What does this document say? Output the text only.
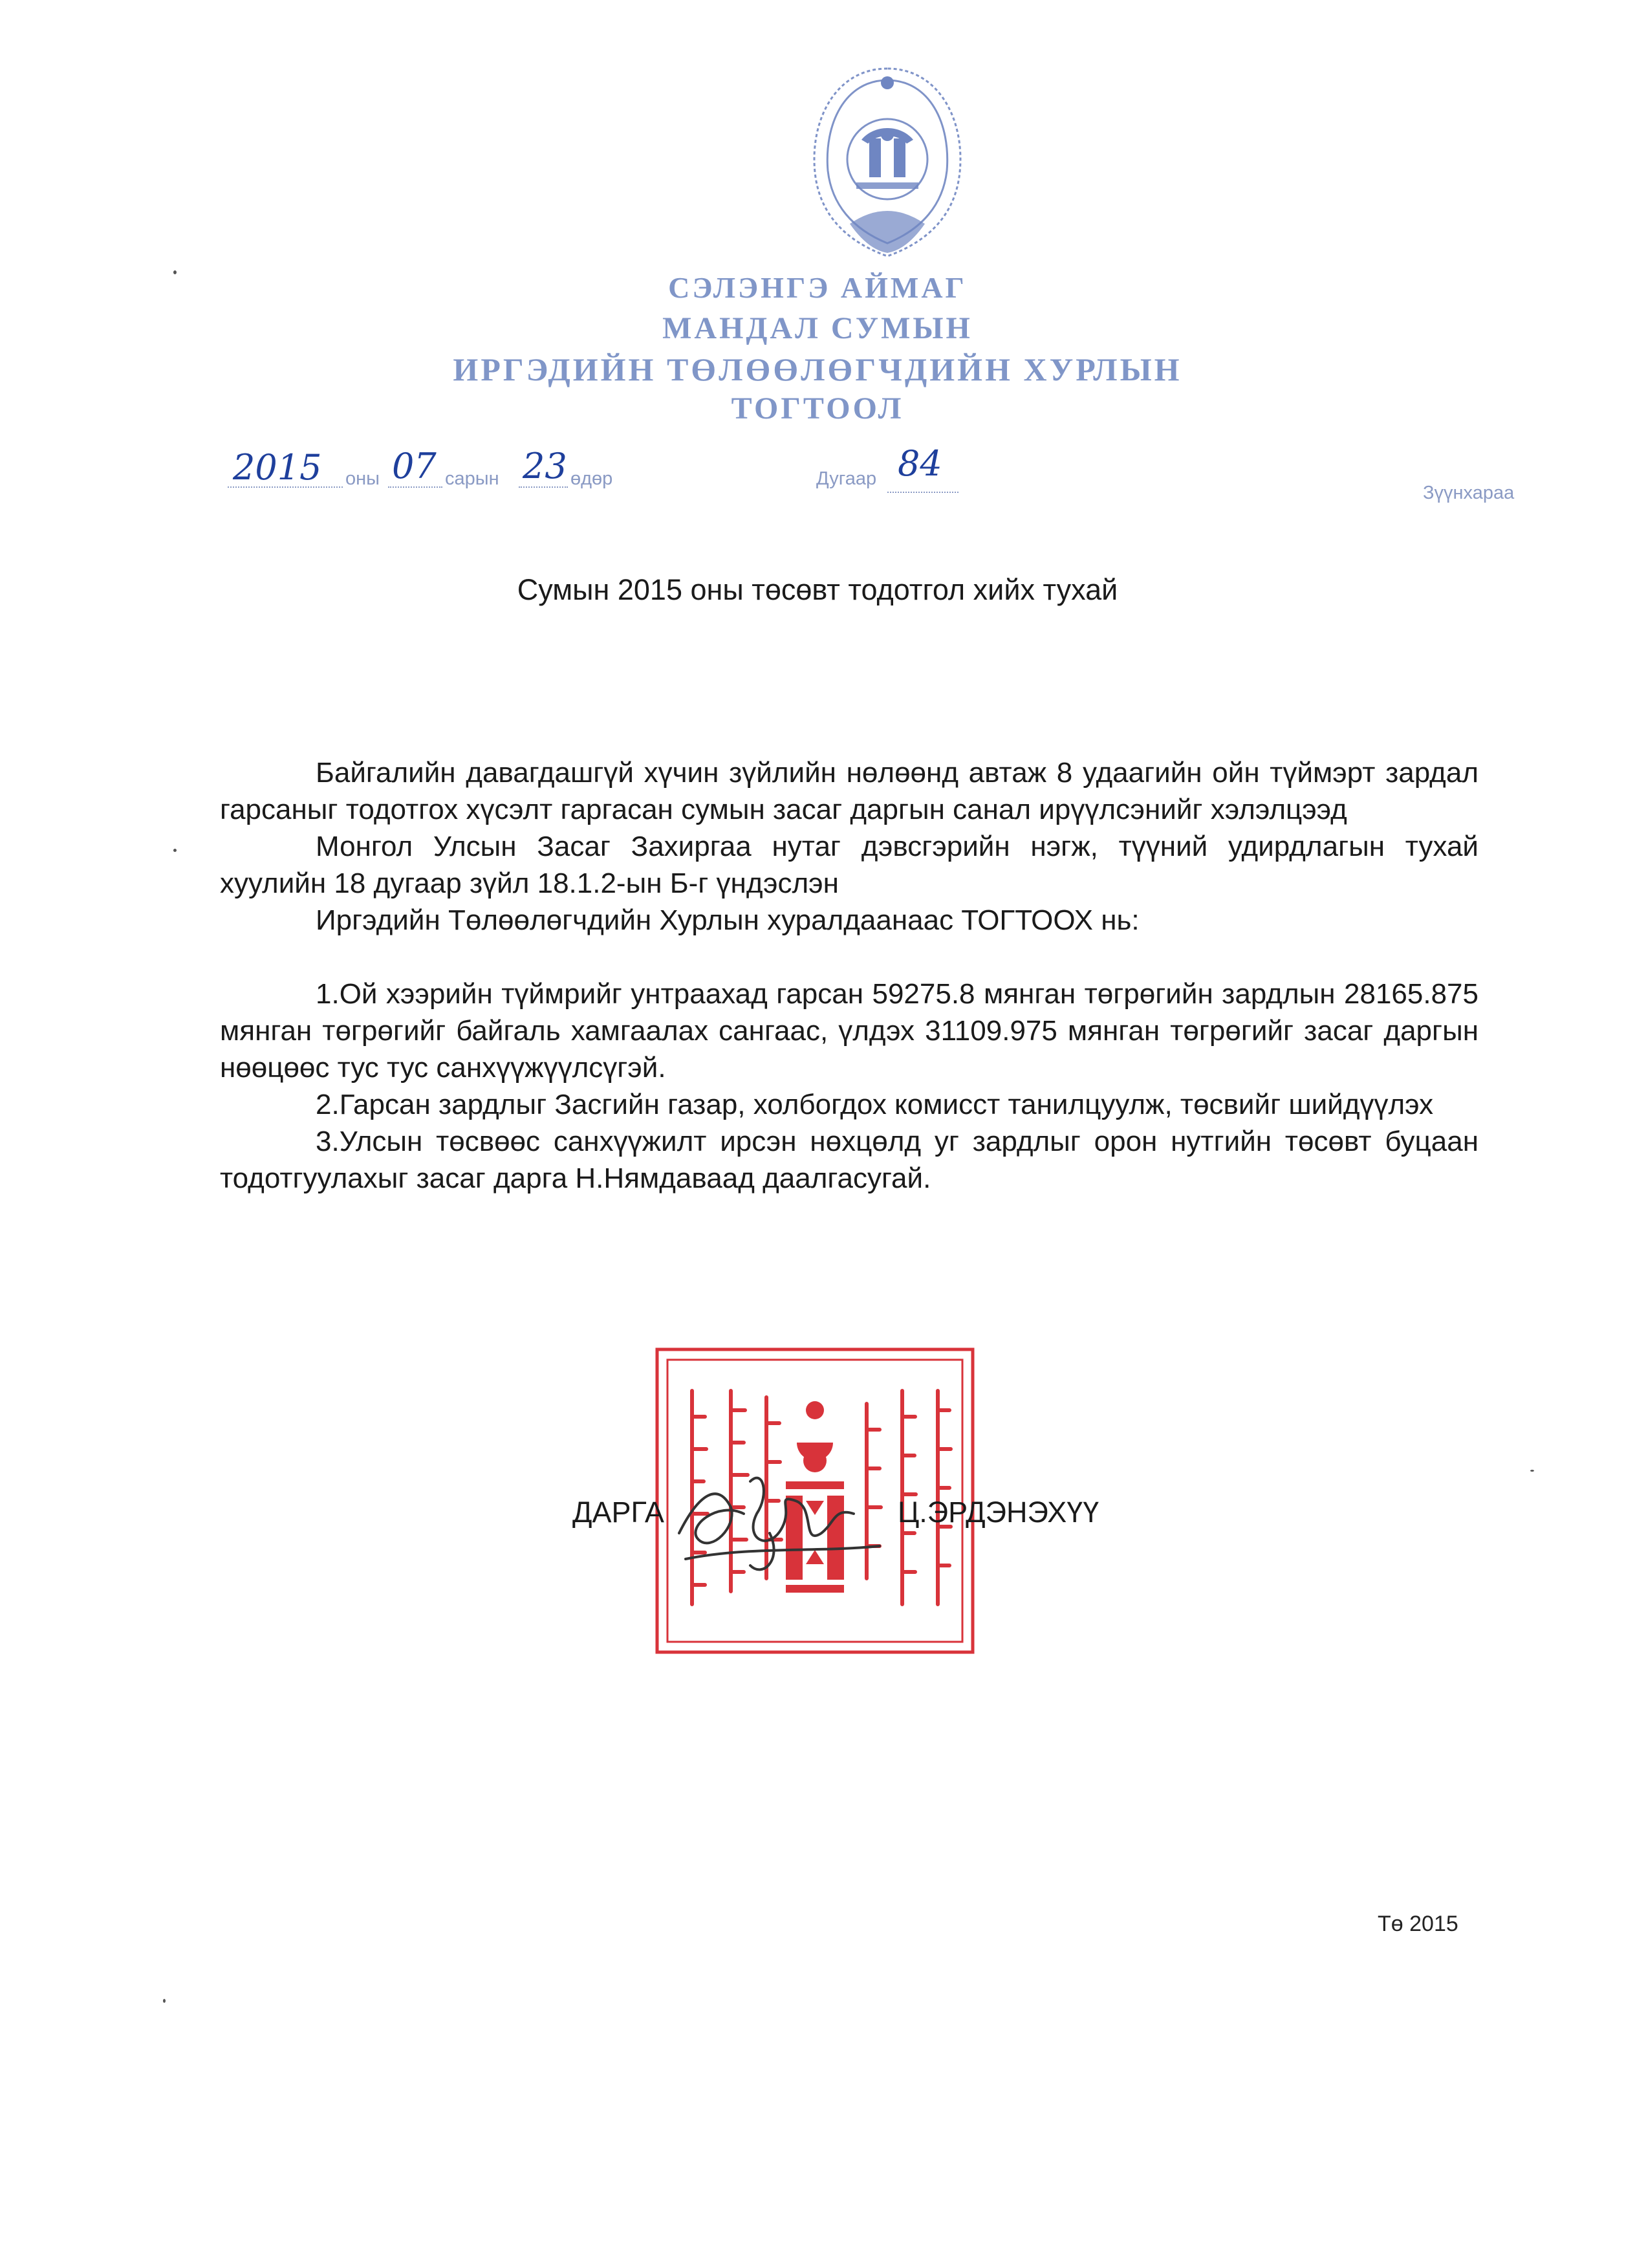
СЭЛЭНГЭ АЙМАГ
МАНДАЛ СУМЫН
ИРГЭДИЙН ТӨЛӨӨЛӨГЧДИЙН ХУРЛЫН
ТОГТООЛ
2015 оны 07 сарын 23 өдөр	Дугаар 84
Зүүнхараа
Сумын 2015 оны төсөвт тодотгол хийх тухай

Байгалийн давагдашгүй хүчин зүйлийн нөлөөнд автаж 8 удаагийн ойн түймэрт зардал гарсаныг тодотгох хүсэлт гаргасан сумын засаг даргын санал ирүүлсэнийг хэлэлцээд

Монгол Улсын Засаг Захиргаа нутаг дэвсгэрийн нэгж, түүний удирдлагын тухай хуулийн 18 дугаар зүйл 18.1.2-ын Б-г үндэслэн

Иргэдийн Төлөөлөгчдийн Хурлын хуралдаанаас ТОГТООХ нь:

1.Ой хээрийн түймрийг унтраахад гарсан 59275.8 мянган төгрөгийн зардлын 28165.875 мянган төгрөгийг байгаль хамгаалах сангаас, үлдэх 31109.975 мянган төгрөгийг засаг даргын нөөцөөс тус тус санхүүжүүлсүгэй.

2.Гарсан зардлыг Засгийн газар, холбогдох комисст танилцуулж, төсвийг шийдүүлэх

3.Улсын төсвөөс санхүүжилт ирсэн нөхцөлд уг зардлыг орон нутгийн төсөвт буцаан тодотгуулахыг засаг дарга Н.Нямдаваад даалгасугай.

ДАРГА	Ц.ЭРДЭНЭХҮҮ
Тө 2015
